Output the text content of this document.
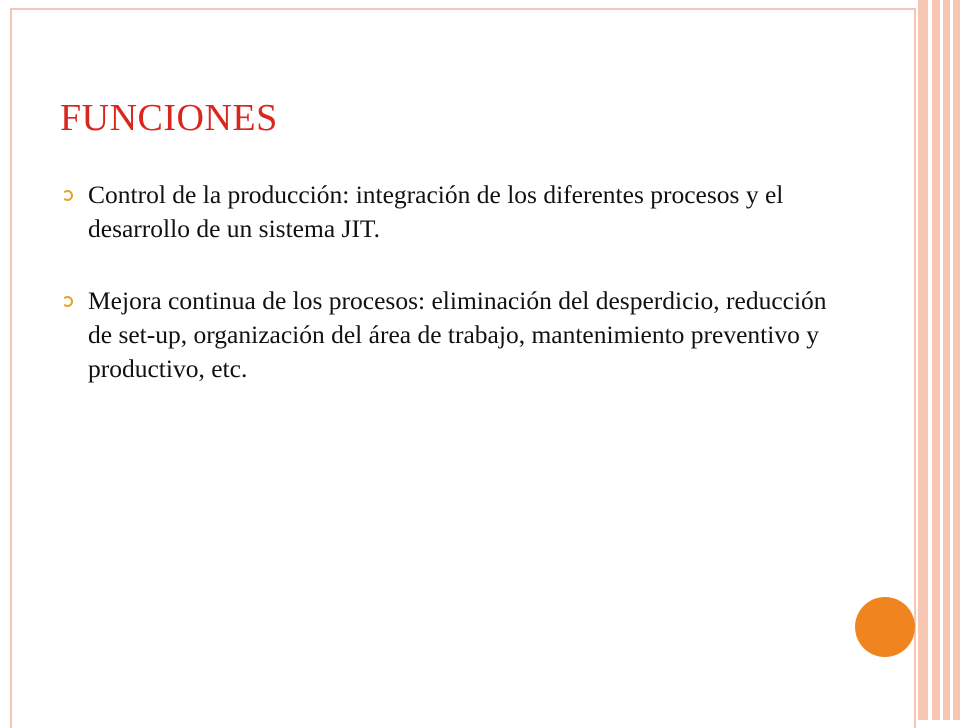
FUNCIONES
Control de la producción: integración de los diferentes procesos y el desarrollo de un sistema JIT.
Mejora continua de los procesos: eliminación del desperdicio, reducción de set-up, organización del área de trabajo, mantenimiento preventivo y productivo, etc.
